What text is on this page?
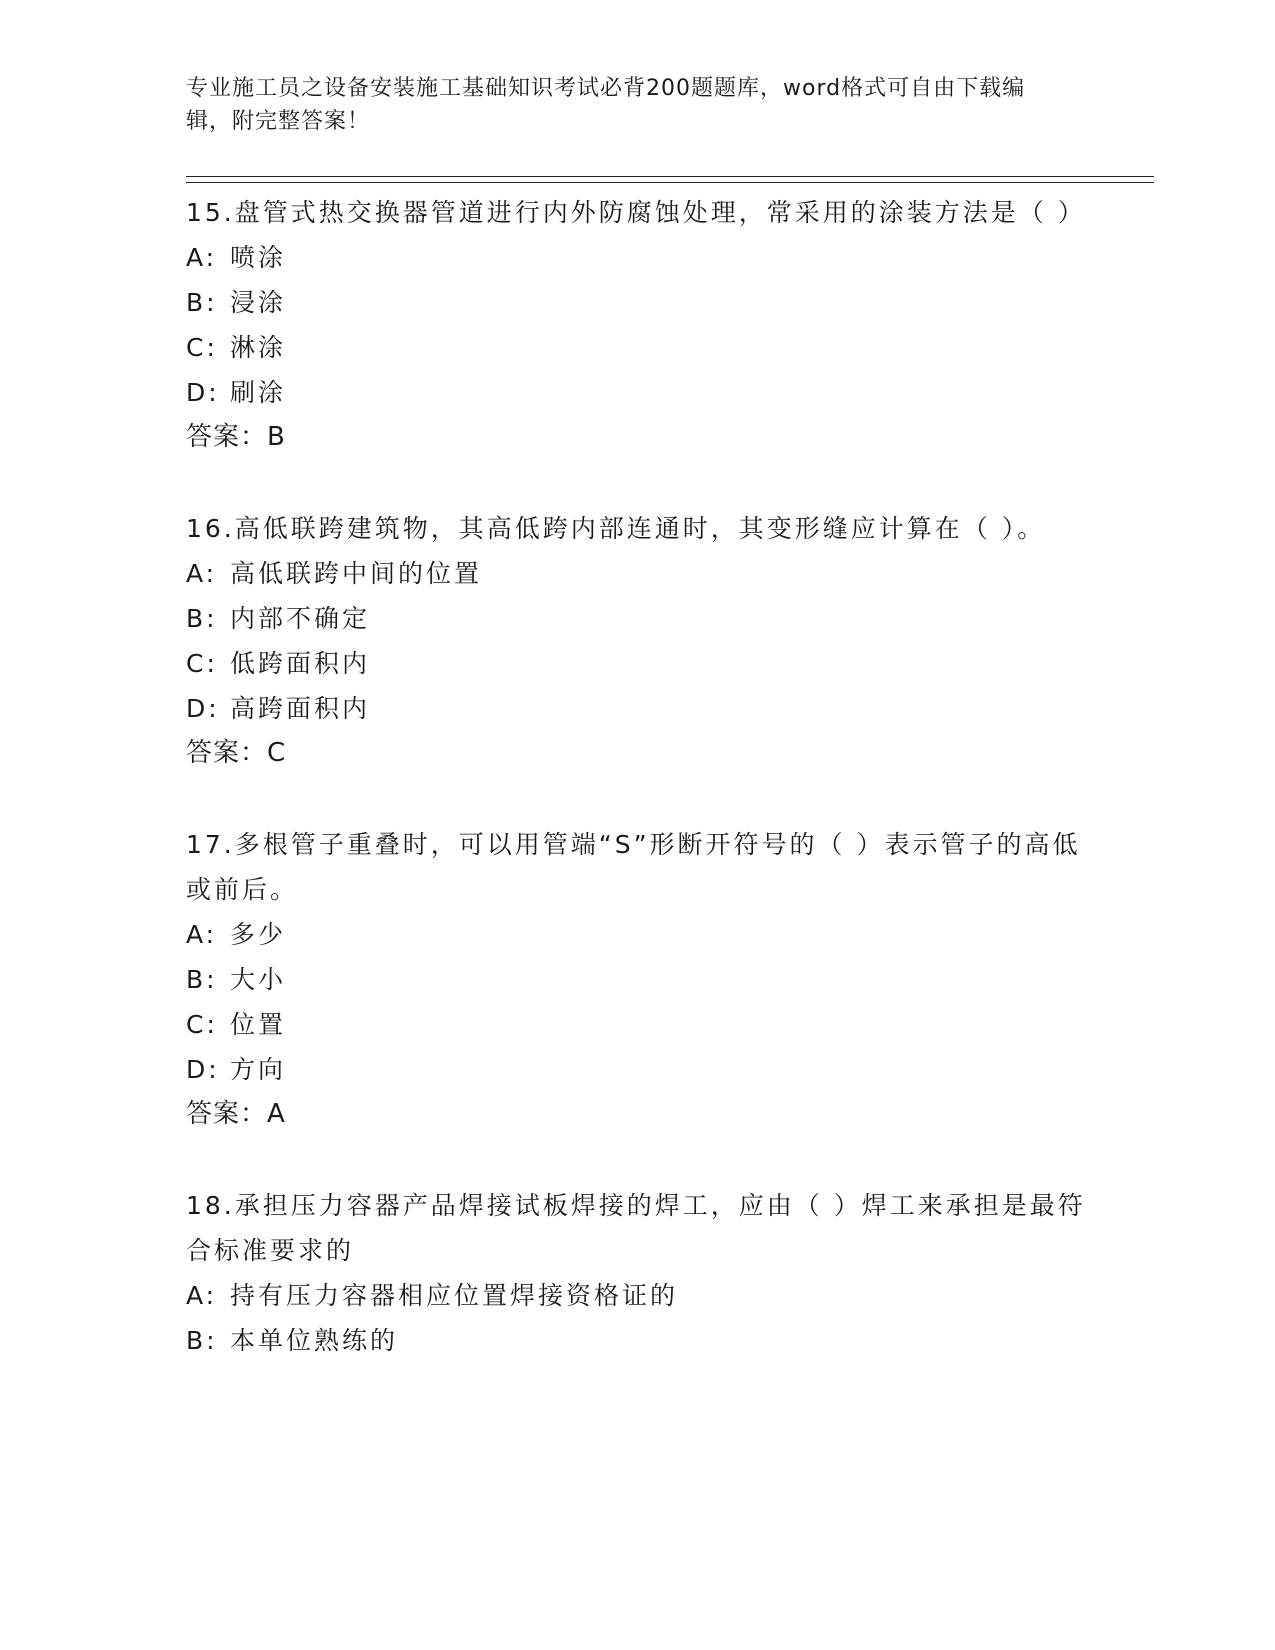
专业施工员之设备安装施工基础知识考试必背200题题库，word格式可自由下载编辑，附完整答案！

15.盘管式热交换器管道进行内外防腐蚀处理，常采用的涂装方法是（ ）

A: 喷涂

B: 浸涂

C: 淋涂

D: 刷涂

答案：B

16.高低联跨建筑物，其高低跨内部连通时，其变形缝应计算在（ ）。

A: 高低联跨中间的位置

B: 内部不确定

C: 低跨面积内

D: 高跨面积内

答案：C

17.多根管子重叠时，可以用管端“S”形断开符号的（ ）表示管子的高低或前后。

A: 多少

B: 大小

C: 位置

D: 方向

答案：A

18.承担压力容器产品焊接试板焊接的焊工，应由（ ）焊工来承担是最符合标准要求的

A: 持有压力容器相应位置焊接资格证的

B: 本单位熟练的
